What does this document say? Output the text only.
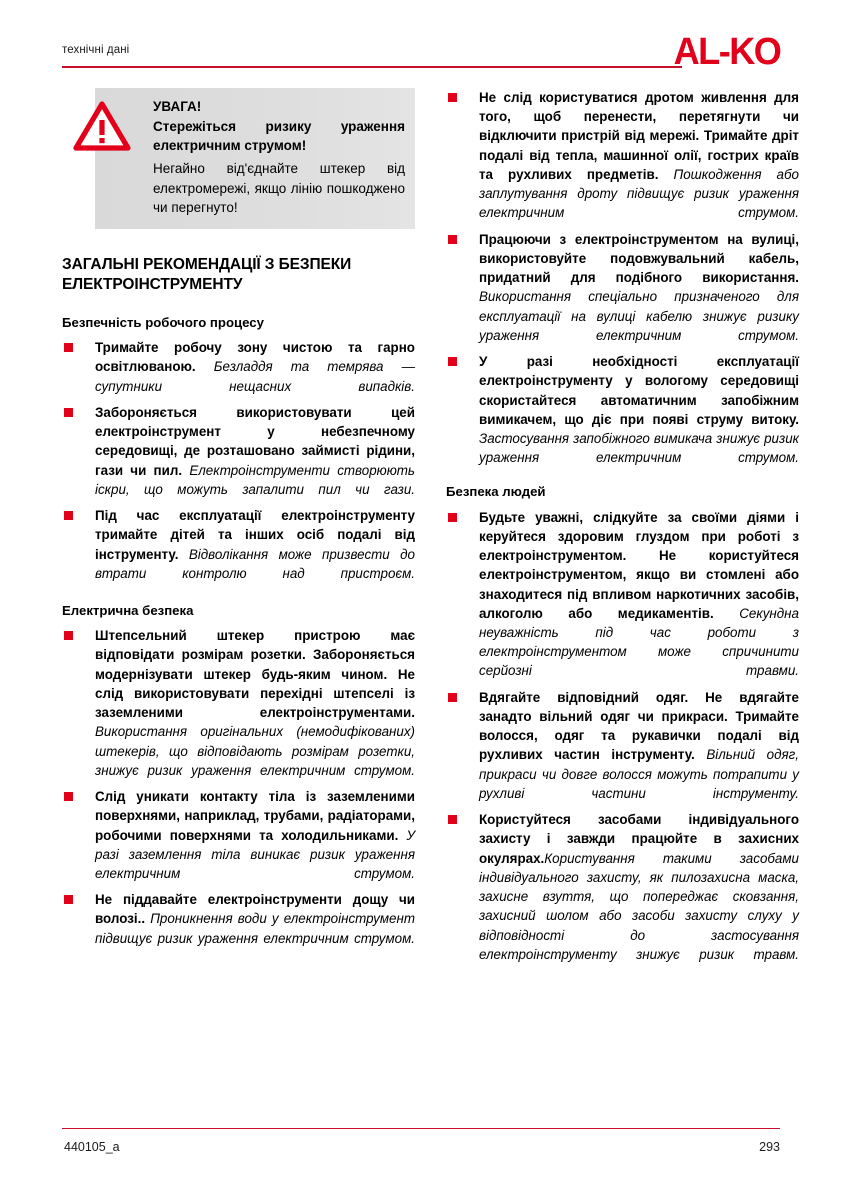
технічні дані	AL-KO
УВАГА!
Стережіться ризику ураження електричним струмом!
Негайно від'єднайте штекер від електромережі, якщо лінію пошкоджено чи перегнуто!
ЗАГАЛЬНІ РЕКОМЕНДАЦІЇ З БЕЗПЕКИ ЕЛЕКТРОІНСТРУМЕНТУ
Безпечність робочого процесу

Тримайте робочу зону чистою та гарно освітлюваною. Безладдя та темрява — супутники нещасних випадків.

Забороняється використовувати цей електроінструмент у небезпечному середовищі, де розташовано займисті рідини, гази чи пил. Електроінструменти створюють іскри, що можуть запалити пил чи гази.

Під час експлуатації електроінструменту тримайте дітей та інших осіб подалі від інструменту. Відволікання може призвести до втрати контролю над пристроєм.

Електрична безпека

Штепсельний штекер пристрою має відповідати розмірам розетки. Забороняється модернізувати штекер будь-яким чином. Не слід використовувати перехідні штепселі із заземленими електроінструментами. Використання оригінальних (немодифікованих) штекерів, що відповідають розмірам розетки, знижує ризик ураження електричним струмом.

Слід уникати контакту тіла із заземленими поверхнями, наприклад, трубами, радіаторами, робочими поверхнями та холодильниками. У разі заземлення тіла виникає ризик ураження електричним струмом.

Не піддавайте електроінструменти дощу чи волозі.. Проникнення води у електроінструмент підвищує ризик ураження електричним струмом.

Не слід користуватися дротом живлення для того, щоб перенести, перетягнути чи відключити пристрій від мережі. Тримайте дріт подалі від тепла, машинної олії, гострих країв та рухливих предметів. Пошкодження або заплутування дроту підвищує ризик ураження електричним струмом.

Працюючи з електроінструментом на вулиці, використовуйте подовжувальний кабель, придатний для подібного використання. Використання спеціально призначеного для експлуатації на вулиці кабелю знижує ризику ураження електричним струмом.

У разі необхідності експлуатації електроінструменту у вологому середовищі скористайтеся автоматичним запобіжним вимикачем, що діє при появі струму витоку. Застосування запобіжного вимикача знижує ризик ураження електричним струмом.

Безпека людей

Будьте уважні, слідкуйте за своїми діями і керуйтеся здоровим глуздом при роботі з електроінструментом. Не користуйтеся електроінструментом, якщо ви стомлені або знаходитеся під впливом наркотичних засобів, алкоголю або медикаментів. Секундна неуважність під час роботи з електроінструментом може спричинити серйозні травми.

Вдягайте відповідний одяг. Не вдягайте занадто вільний одяг чи прикраси. Тримайте волосся, одяг та рукавички подалі від рухливих частин інструменту. Вільний одяг, прикраси чи довге волосся можуть потрапити у рухливі частини інструменту.

Користуйтеся засобами індивідуального захисту і завжди працюйте в захисних окулярах.Користування такими засобами індивідуального захисту, як пилозахисна маска, захисне взуття, що попереджає сковзання, захисний шолом або засоби захисту слуху у відповідності до застосування електроінструменту знижує ризик травм.

440105_a	293
